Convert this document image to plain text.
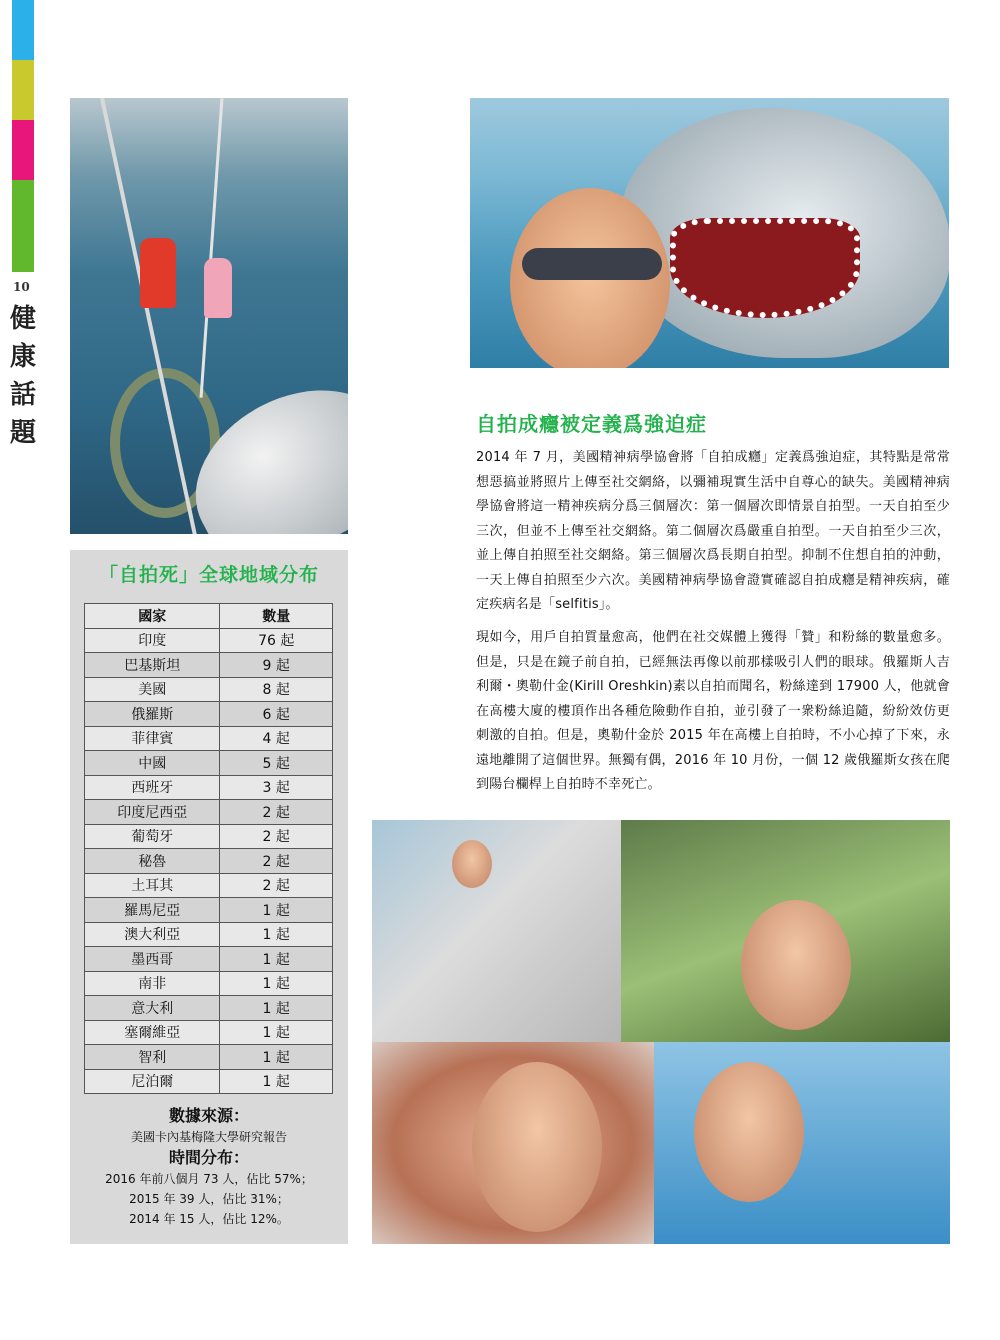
10
健康話題	自拍成癮被定義爲強迫症
2014 年 7 月，美國精神病學協會將「自拍成癮」定義爲強迫症，其特點是常常想惡搞並將照片上傳至社交網絡，以彌補現實生活中自尊心的缺失。美國精神病學協會將這一精神疾病分爲三個層次：第一個層次即情景自拍型。一天自拍至少三次，但並不上傳至社交網絡。第二個層次爲嚴重自拍型。一天自拍至少三次，並上傳自拍照至社交網絡。第三個層次爲長期自拍型。抑制不住想自拍的沖動，一天上傳自拍照至少六次。美國精神病學協會證實確認自拍成癮是精神疾病，確定疾病名是「selfitis」。
現如今，用戶自拍質量愈高，他們在社交媒體上獲得「贊」和粉絲的數量愈多。但是，只是在鏡子前自拍，已經無法再像以前那樣吸引人們的眼球。俄羅斯人吉利爾・奧勒什金(Kirill Oreshkin)素以自拍而聞名，粉絲達到 17900 人，他就會在高樓大廈的樓頂作出各種危險動作自拍，並引發了一衆粉絲追隨，紛紛效仿更刺激的自拍。但是，奧勒什金於 2015 年在高樓上自拍時，不小心掉了下來，永遠地離開了這個世界。無獨有偶，2016 年 10 月份，一個 12 歲俄羅斯女孩在爬到陽台欄桿上自拍時不幸死亡。
「自拍死」全球地域分布
國家	數量
印度	76 起
巴基斯坦	9 起
美國	8 起
俄羅斯	6 起
菲律賓	4 起
中國	5 起
西班牙	3 起
印度尼西亞	2 起
葡萄牙	2 起
秘魯	2 起
土耳其	2 起
羅馬尼亞	1 起
澳大利亞	1 起
墨西哥	1 起
南非	1 起
意大利	1 起
塞爾維亞	1 起
智利	1 起
尼泊爾	1 起
數據來源：
美國卡內基梅隆大學研究報告
時間分布：
2016 年前八個月 73 人，佔比 57%；
2015 年 39 人，佔比 31%；
2014 年 15 人，佔比 12%。
